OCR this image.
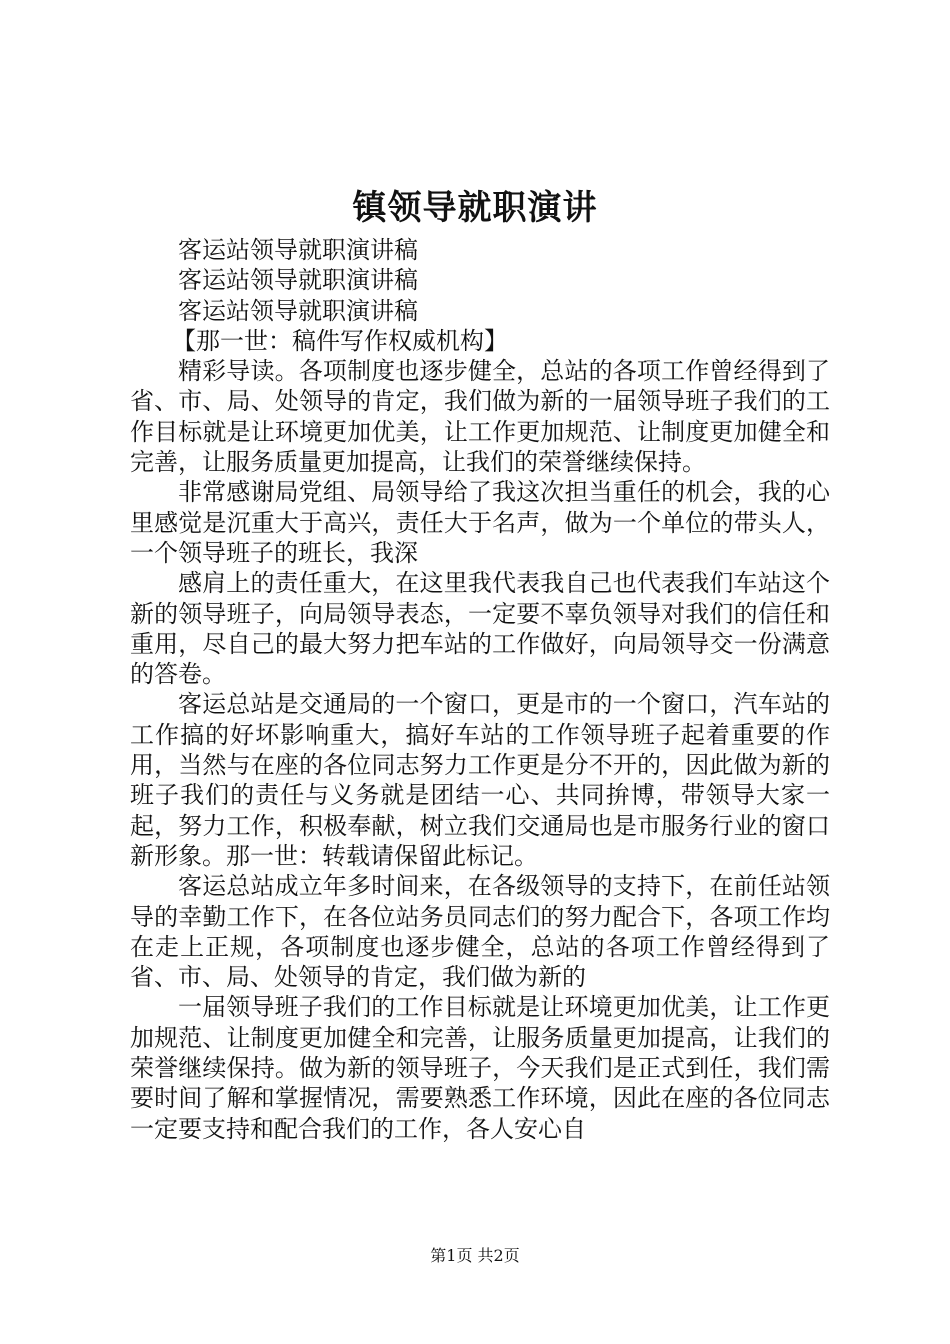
镇领导就职演讲

客运站领导就职演讲稿

客运站领导就职演讲稿

客运站领导就职演讲稿

【那一世：稿件写作权威机构】

精彩导读。各项制度也逐步健全，总站的各项工作曾经得到了省、市、局、处领导的肯定，我们做为新的一届领导班子我们的工作目标就是让环境更加优美，让工作更加规范、让制度更加健全和完善，让服务质量更加提高，让我们的荣誉继续保持。

非常感谢局党组、局领导给了我这次担当重任的机会，我的心里感觉是沉重大于高兴，责任大于名声，做为一个单位的带头人，一个领导班子的班长，我深

感肩上的责任重大，在这里我代表我自己也代表我们车站这个新的领导班子，向局领导表态，一定要不辜负领导对我们的信任和重用，尽自己的最大努力把车站的工作做好，向局领导交一份满意的答卷。

客运总站是交通局的一个窗口，更是市的一个窗口，汽车站的工作搞的好坏影响重大，搞好车站的工作领导班子起着重要的作用，当然与在座的各位同志努力工作更是分不开的，因此做为新的班子我们的责任与义务就是团结一心、共同拚博，带领导大家一起，努力工作，积极奉献，树立我们交通局也是市服务行业的窗口新形象。那一世：转载请保留此标记。

客运总站成立年多时间来，在各级领导的支持下，在前任站领导的幸勤工作下，在各位站务员同志们的努力配合下，各项工作均在走上正规，各项制度也逐步健全，总站的各项工作曾经得到了省、市、局、处领导的肯定，我们做为新的

一届领导班子我们的工作目标就是让环境更加优美，让工作更加规范、让制度更加健全和完善，让服务质量更加提高，让我们的荣誉继续保持。做为新的领导班子，今天我们是正式到任，我们需要时间了解和掌握情况，需要熟悉工作环境，因此在座的各位同志一定要支持和配合我们的工作，各人安心自

第1页 共2页
